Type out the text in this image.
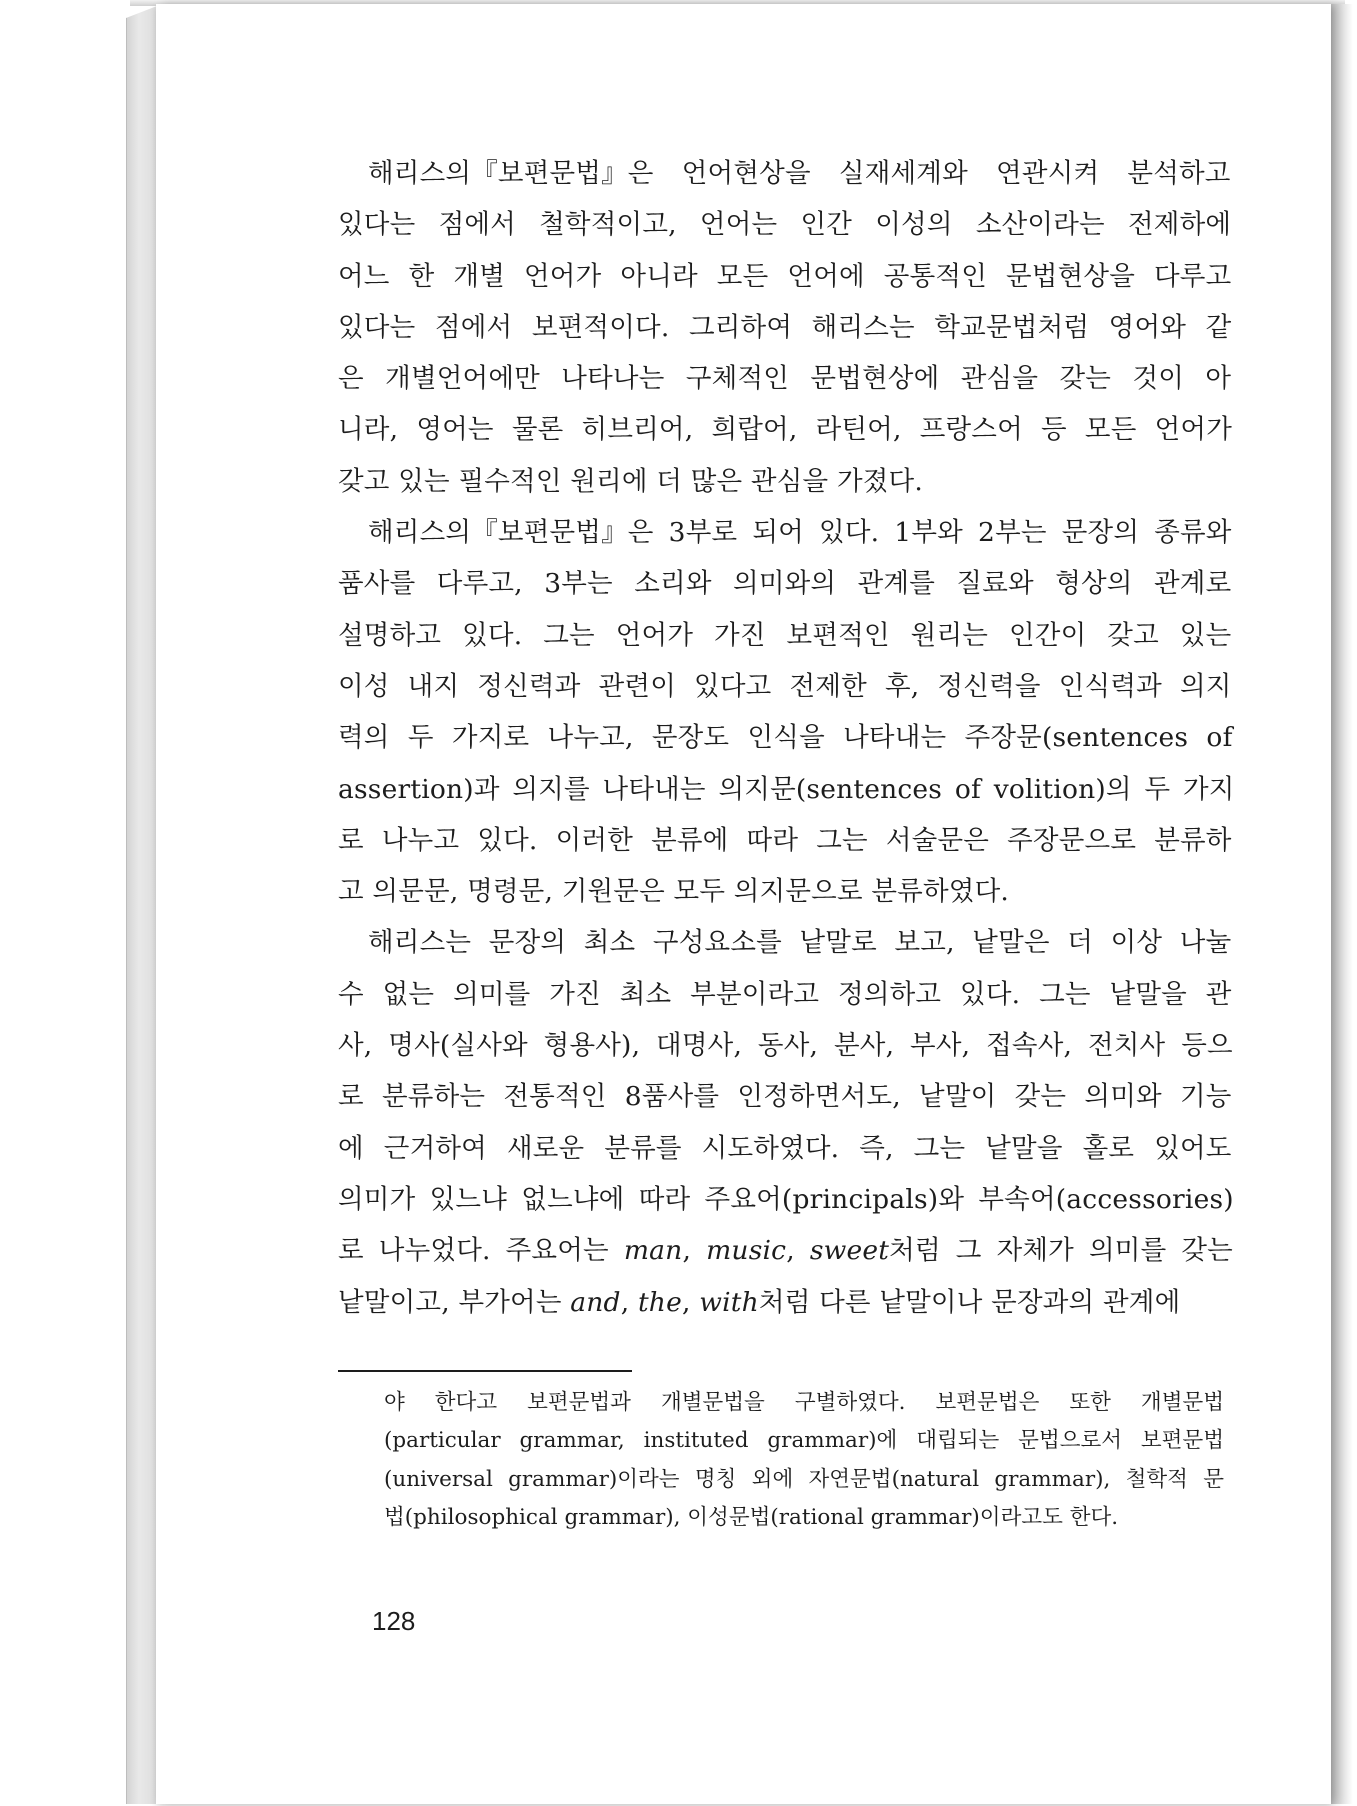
해리스의『보편문법』은 언어현상을 실재세계와 연관시켜 분석하고
있다는 점에서 철학적이고, 언어는 인간 이성의 소산이라는 전제하에
어느 한 개별 언어가 아니라 모든 언어에 공통적인 문법현상을 다루고
있다는 점에서 보편적이다. 그리하여 해리스는 학교문법처럼 영어와 같
은 개별언어에만 나타나는 구체적인 문법현상에 관심을 갖는 것이 아
니라, 영어는 물론 히브리어, 희랍어, 라틴어, 프랑스어 등 모든 언어가
갖고 있는 필수적인 원리에 더 많은 관심을 가졌다.
해리스의『보편문법』은 3부로 되어 있다. 1부와 2부는 문장의 종류와
품사를 다루고, 3부는 소리와 의미와의 관계를 질료와 형상의 관계로
설명하고 있다. 그는 언어가 가진 보편적인 원리는 인간이 갖고 있는
이성 내지 정신력과 관련이 있다고 전제한 후, 정신력을 인식력과 의지
력의 두 가지로 나누고, 문장도 인식을 나타내는 주장문(sentences of
assertion)과 의지를 나타내는 의지문(sentences of volition)의 두 가지
로 나누고 있다. 이러한 분류에 따라 그는 서술문은 주장문으로 분류하
고 의문문, 명령문, 기원문은 모두 의지문으로 분류하였다.
해리스는 문장의 최소 구성요소를 낱말로 보고, 낱말은 더 이상 나눌
수 없는 의미를 가진 최소 부분이라고 정의하고 있다. 그는 낱말을 관
사, 명사(실사와 형용사), 대명사, 동사, 분사, 부사, 접속사, 전치사 등으
로 분류하는 전통적인 8품사를 인정하면서도, 낱말이 갖는 의미와 기능
에 근거하여 새로운 분류를 시도하였다. 즉, 그는 낱말을 홀로 있어도
의미가 있느냐 없느냐에 따라 주요어(principals)와 부속어(accessories)
로 나누었다. 주요어는 man, music, sweet처럼 그 자체가 의미를 갖는
낱말이고, 부가어는 and, the, with처럼 다른 낱말이나 문장과의 관계에
야 한다고 보편문법과 개별문법을 구별하였다. 보편문법은 또한 개별문법
(particular grammar, instituted grammar)에 대립되는 문법으로서 보편문법
(universal grammar)이라는 명칭 외에 자연문법(natural grammar), 철학적 문
법(philosophical grammar), 이성문법(rational grammar)이라고도 한다.
128
